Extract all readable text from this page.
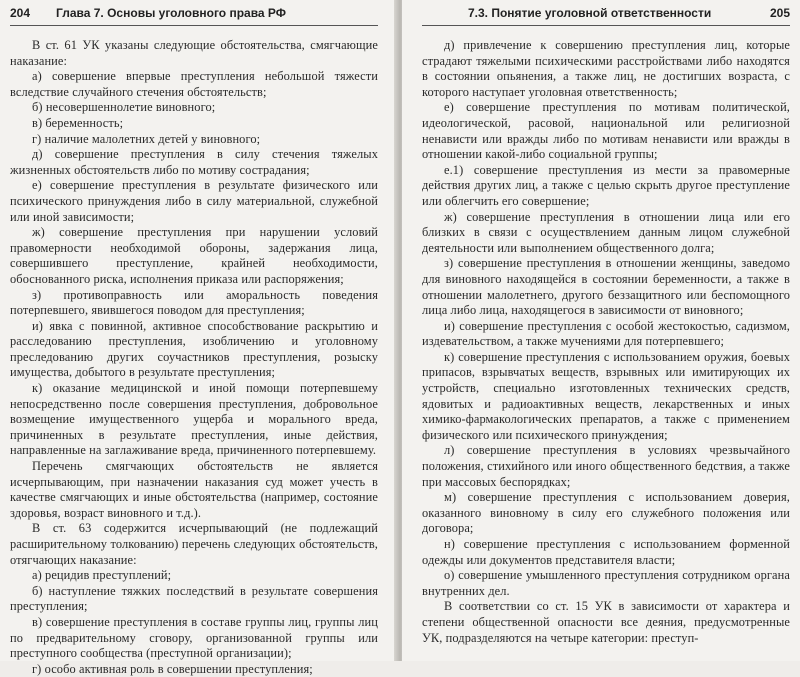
204 Глава 7. Основы уголовного права РФ

В ст. 61 УК указаны следующие обстоятельства, смягчающие наказание:

а) совершение впервые преступления небольшой тяжести вследствие случайного стечения обстоятельств;

б) несовершеннолетие виновного;

в) беременность;

г) наличие малолетних детей у виновного;

д) совершение преступления в силу стечения тяжелых жизненных обстоятельств либо по мотиву сострадания;

е) совершение преступления в результате физического или психического принуждения либо в силу материальной, служебной или иной зависимости;

ж) совершение преступления при нарушении условий правомерности необходимой обороны, задержания лица, совершившего преступление, крайней необходимости, обоснованного риска, исполнения приказа или распоряжения;

з) противоправность или аморальность поведения потерпевшего, явившегося поводом для преступления;

и) явка с повинной, активное способствование раскрытию и расследованию преступления, изобличению и уголовному преследованию других соучастников преступления, розыску имущества, добытого в результате преступления;

к) оказание медицинской и иной помощи потерпевшему непосредственно после совершения преступления, добровольное возмещение имущественного ущерба и морального вреда, причиненных в результате преступления, иные действия, направленные на заглаживание вреда, причиненного потерпевшему.

Перечень смягчающих обстоятельств не является исчерпывающим, при назначении наказания суд может учесть в качестве смягчающих и иные обстоятельства (например, состояние здоровья, возраст виновного и т.д.).

В ст. 63 содержится исчерпывающий (не подлежащий расширительному толкованию) перечень следующих обстоятельств, отягчающих наказание:

а) рецидив преступлений;

б) наступление тяжких последствий в результате совершения преступления;

в) совершение преступления в составе группы лиц, группы лиц по предварительному сговору, организованной группы или преступного сообщества (преступной организации);

г) особо активная роль в совершении преступления;

7.3. Понятие уголовной ответственности	205

д) привлечение к совершению преступления лиц, которые страдают тяжелыми психическими расстройствами либо находятся в состоянии опьянения, а также лиц, не достигших возраста, с которого наступает уголовная ответственность;

е) совершение преступления по мотивам политической, идеологической, расовой, национальной или религиозной ненависти или вражды либо по мотивам ненависти или вражды в отношении какой-либо социальной группы;

е.1) совершение преступления из мести за правомерные действия других лиц, а также с целью скрыть другое преступление или облегчить его совершение;

ж) совершение преступления в отношении лица или его близких в связи с осуществлением данным лицом служебной деятельности или выполнением общественного долга;

з) совершение преступления в отношении женщины, заведомо для виновного находящейся в состоянии беременности, а также в отношении малолетнего, другого беззащитного или беспомощного лица либо лица, находящегося в зависимости от виновного;

и) совершение преступления с особой жестокостью, садизмом, издевательством, а также мучениями для потерпевшего;

к) совершение преступления с использованием оружия, боевых припасов, взрывчатых веществ, взрывных или имитирующих их устройств, специально изготовленных технических средств, ядовитых и радиоактивных веществ, лекарственных и иных химико-фармакологических препаратов, а также с применением физического или психического принуждения;

л) совершение преступления в условиях чрезвычайного положения, стихийного или иного общественного бедствия, а также при массовых беспорядках;

м) совершение преступления с использованием доверия, оказанного виновному в силу его служебного положения или договора;

н) совершение преступления с использованием форменной одежды или документов представителя власти;

о) совершение умышленного преступления сотрудником органа внутренних дел.

В соответствии со ст. 15 УК в зависимости от характера и степени общественной опасности все деяния, предусмотренные УК, подразделяются на четыре категории: преступ-
